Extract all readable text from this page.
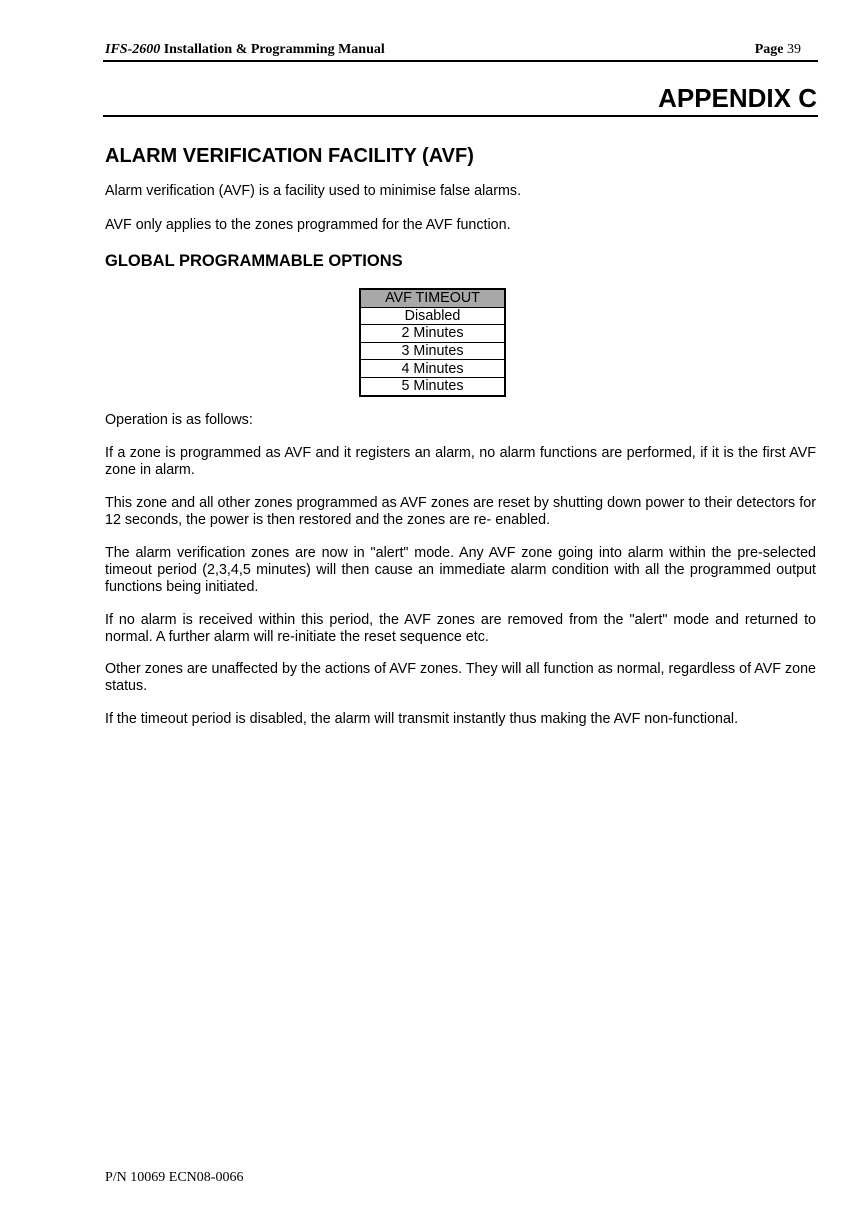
IFS-2600 Installation & Programming Manual	Page 39
APPENDIX C
ALARM VERIFICATION FACILITY (AVF)

Alarm verification (AVF) is a facility used to minimise false alarms.

AVF only applies to the zones programmed for the AVF function.

GLOBAL PROGRAMMABLE OPTIONS

Operation is as follows:

If a zone is programmed as AVF and it registers an alarm, no alarm functions are performed, if it is the first AVF zone in alarm.

This zone and all other zones programmed as AVF zones are reset by shutting down power to their detectors for 12 seconds, the power is then restored and the zones are re- enabled.

The alarm verification zones are now in "alert" mode. Any AVF zone going into alarm within the pre-selected timeout period (2,3,4,5 minutes) will then cause an immediate alarm condition with all the programmed output functions being initiated.

If no alarm is received within this period, the AVF zones are removed from the "alert" mode and returned to normal. A further alarm will re-initiate the reset sequence etc.

Other zones are unaffected by the actions of AVF zones. They will all function as normal, regardless of AVF zone status.

If the timeout period is disabled, the alarm will transmit instantly thus making the AVF non-functional.

AVF TIMEOUT
Disabled
2 Minutes
3 Minutes
4 Minutes
5 Minutes
P/N 10069 ECN08-0066
